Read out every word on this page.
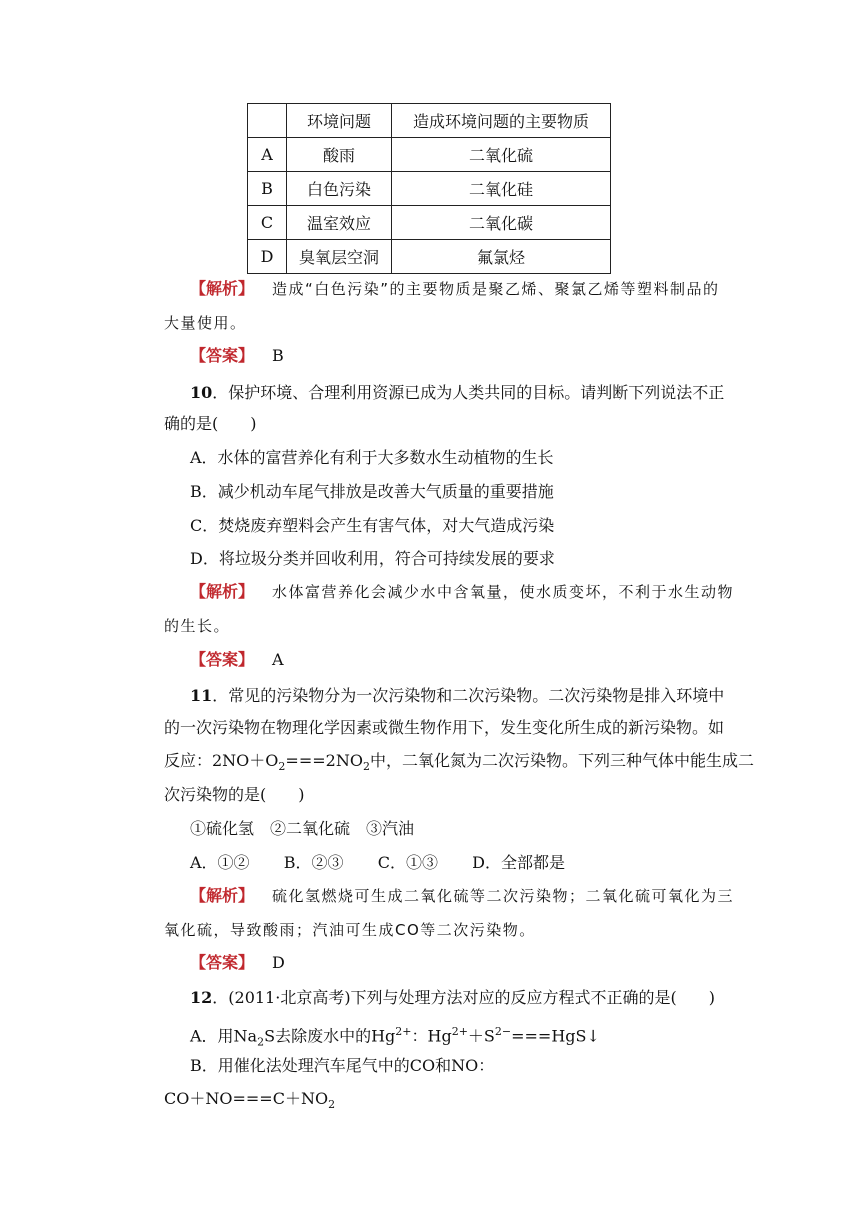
	环境问题	造成环境问题的主要物质
A	酸雨	二氧化硫
B	白色污染	二氧化硅
C	温室效应	二氧化碳
D	臭氧层空洞	氟氯烃
【解析】 造成“白色污染”的主要物质是聚乙烯、聚氯乙烯等塑料制品的
大量使用。
【答案】 B
10．保护环境、合理利用资源已成为人类共同的目标。请判断下列说法不正
确的是(　　)
A．水体的富营养化有利于大多数水生动植物的生长
B．减少机动车尾气排放是改善大气质量的重要措施
C．焚烧废弃塑料会产生有害气体，对大气造成污染
D．将垃圾分类并回收利用，符合可持续发展的要求
【解析】 水体富营养化会减少水中含氧量，使水质变坏，不利于水生动物
的生长。
【答案】 A
11．常见的污染物分为一次污染物和二次污染物。二次污染物是排入环境中
的一次污染物在物理化学因素或微生物作用下，发生变化所生成的新污染物。如
反应：$2NO+O_2===2NO_2$中，二氧化氮为二次污染物。下列三种气体中能生成二
次污染物的是(　　)
①硫化氢　②二氧化硫　③汽油
A．①② B．②③ C．①③ D．全部都是
【解析】 硫化氢燃烧可生成二氧化硫等二次污染物；二氧化硫可氧化为三
氧化硫，导致酸雨；汽油可生成CO等二次污染物。
【答案】 D
12．(2011·北京高考)下列与处理方法对应的反应方程式不正确的是(　　)
A．用$Na_2S$去除废水中的$Hg^{2+}$：$Hg^{2+}+S^{2-}===HgS↓$
B．用催化法处理汽车尾气中的CO和NO：
$CO+NO===C+NO_2$
